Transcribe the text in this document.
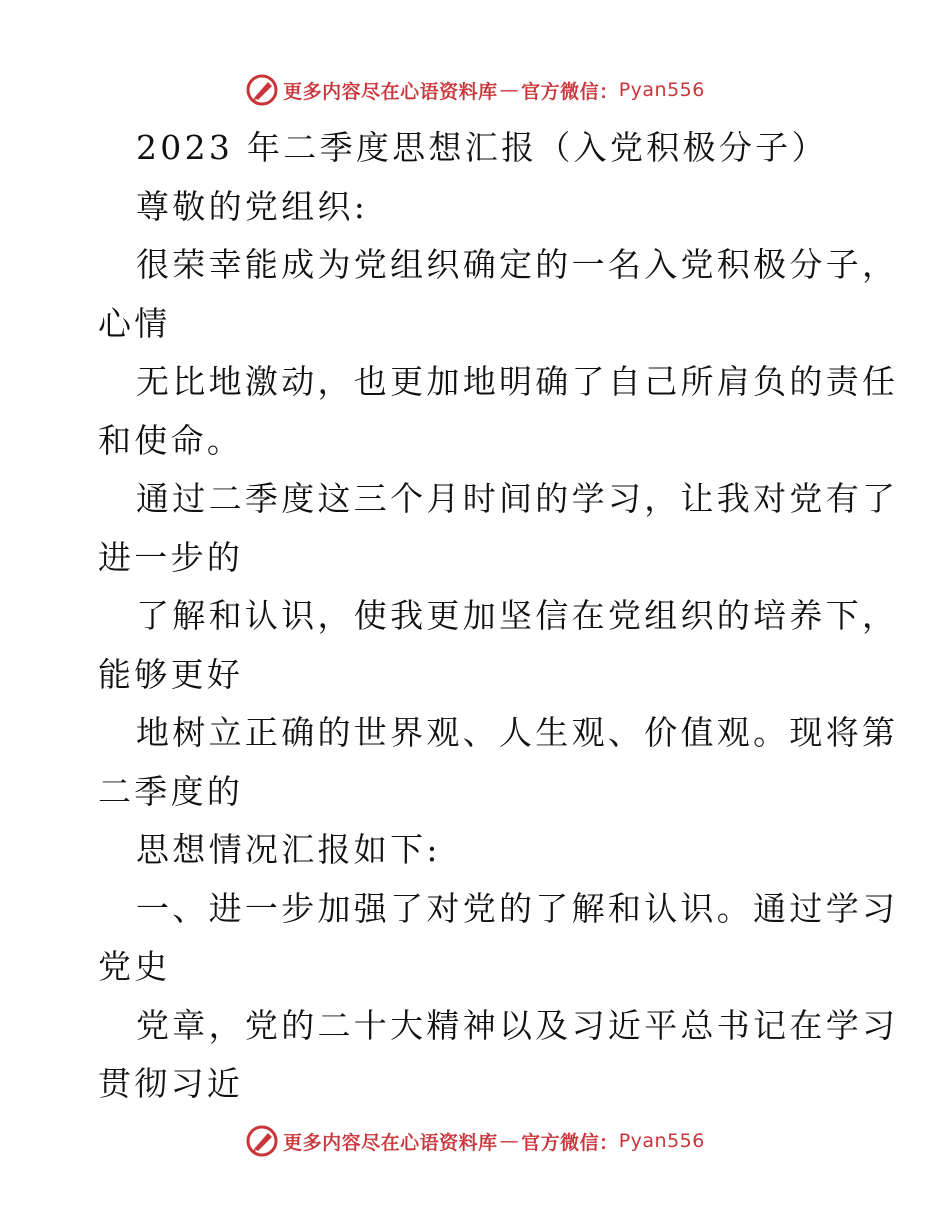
更多内容尽在心语资料库 — 官方微信： Pyan556
2023 年二季度思想汇报（入党积极分子）
尊敬的党组织:
很荣幸能成为党组织确定的一名入党积极分子，
心情
无比地激动，也更加地明确了自己所肩负的责任
和使命。
通过二季度这三个月时间的学习，让我对党有了
进一步的
了解和认识，使我更加坚信在党组织的培养下，
能够更好
地树立正确的世界观、人生观、价值观。现将第
二季度的
思想情况汇报如下:
一、进一步加强了对党的了解和认识。通过学习
党史
党章，党的二十大精神以及习近平总书记在学习
贯彻习近
更多内容尽在心语资料库 — 官方微信： Pyan556
